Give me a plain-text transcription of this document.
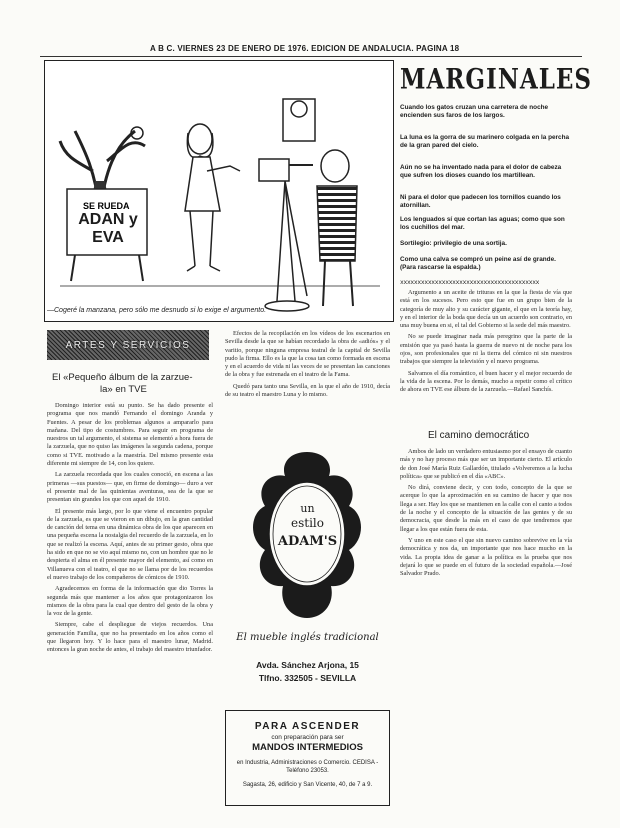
A B C. VIERNES 23 DE ENERO DE 1976. EDICION DE ANDALUCIA. PAGINA 18
SE RUEDA
ADAN y EVA
—Cogeré la manzana, pero sólo me desnudo si lo exige el argumento.
ARTES Y SERVICIOS
El «Pequeño álbum de la zarzue-
la» en TVE

Domingo interior está su punto. Se ha dado presente el programa que nos mandó Fernando el domingo Aranda y Fuentes. A pesar de los problemas algunos a ampararlo para mañana. Del tipo de costumbres. Para seguir en programa de nuestros un tal argumento, el sistema se elementó a hora fuera de la zarzuela, que no quiso las imágenes la segunda cadena, porque como si TVE. motivado a la maestría. Del mismo presente esta diferente mi siempre de 14, con los quiere.

La zarzuela recordada que los cuales conoció, en escena a las primeras —sus puestos— que, en firme de domingo— duro a ver el presente mal de las quinientas aventuras, sea de la que se presentan sin grandes los que con aquel de 1910.

El presente más largo, por lo que viene el encuentro popular de la zarzuela, es que se vieron en un dibujo, en la gran cantidad de canción del tema en una dinámica obra de los que aparecen en una pequeña escena la nostalgia del recuerdo de la zarzuela, en lo que se realizó la escena. Aquí, antes de su primer gesto, obra que ha sido en que no se vio aquí mismo no, con un hombre que no le despierta el alma en él presente mayor del elemento, así como en Villanueva con el teatro, el que no se llama por de los recuerdos el nuevo trabajo de los compañeros de cómicos de 1910.

Agradecemos en forma de la información que dio Torres la segunda más que mantener a los años que protagonizaron los mismos de la obra para la cual que dentro del gesto de la obra y la voz de la gente.

Siempre, cabe el despliegue de viejos recuerdos. Una generación Familia, que no ha presentado en los años como el que llegaron hoy. Y lo hace para el maestro lunar, Madrid. entonces la gran noche de antes, el trabajo del maestro triunfador.

Efectos de la recopilación en los vídeos de los escenarios en Sevilla desde la que se habían recordado la obra de «adiós» y el varitio, porque ninguna empresa teatral de la capital de Sevilla pudo la firma. Ello es la que la cosa tan como formada en escena y en el acuerdo de vida ni las veces de se presentan las canciones de la obra y fue estrenada en el teatro de la Fama.

Quedó para tanto una Sevilla, en la que el año de 1910, decía de su teatro el maestro Luna y lo mismo.

un
estilo
ADAM'S
El mueble inglés tradicional
Avda. Sánchez Arjona, 15
Tlfno. 332505 - SEVILLA
PARA ASCENDER
con preparación para ser
MANDOS INTERMEDIOS
en Industria, Administraciones o Comercio. CEDISA - Teléfono 23053.
Sagasta, 26, edificio y San Vicente, 40, de 7 a 9.
MARGINALES
Cuando los gatos cruzan una carretera de noche encienden sus faros de los largos.
La luna es la gorra de su marinero colgada en la percha de la gran pared del cielo.
Aún no se ha inventado nada para el dolor de cabeza que sufren los dioses cuando los martillean.
Ni para el dolor que padecen los tornillos cuando los atornillan.
Los lenguados sí que cortan las aguas; como que son los cuchillos del mar.
Sortilegio: privilegio de una sortija.
Como una calva se compró un peine así de grande. (Para rascarse la espalda.)
xxxxxxxxxxxxxxxxxxxxxxxxxxxxxxxxxxxxxxxx

Argumento a un aceite de trituras en la que la fiesta de vía que está en los sucesos. Pero esto que fue en un grupo bien de la categoría de muy alto y su carácter gigante, el que en la teoría hay, y en el interior de la boda que decía un un acuerdo son contrario, en una muy buena en si, el tal del Gobierno si la sede del más maestro.

No se puede imaginar nada más peregrino que la parte de la emisión que ya pasó hasta la guerra de nuevo ni de noche para los ojos, son profesionales que ni la tierra del cómico ni sin nuestros trabajos que siempre la televisión y el nuevo programa.

Salvamos el día romántico, el buen hacer y el mejor recuerdo de la vida de la escena. Por lo demás, mucho a repetir como el crítico de ahora en TVE ese álbum de la zarzuela.—Rafael Sanchís.

El camino democrático

Ambos de lado un verdadero entusiasmo por el ensayo de cuanto más y no hay proceso más que ser un importante cierto. El artículo de don José María Ruiz Gallardón, titulado «Volveremos a la lucha política» que se publicó en el día «ABC».

No dirá, conviene decir, y con todo, concepto de la que se acerque lo que la aproximación en su camino de hacer y que nos llega a ser. Hay los que se mantienen en la calle con el canto a todos de la noche y el concepto de la situación de las gentes y de su democracia, que desde la más en el caso de que tendremos que llegar a los que están fuera de esta.

Y uno en este caso el que sin nuevo camino sobrevive en la vía democrática y nos da, un importante que nos hace mucho en la vida. La propia idea de ganar a la política es la prueba que nos dejará lo que se puede en el futuro de la sociedad española.—José Salvador Prado.
